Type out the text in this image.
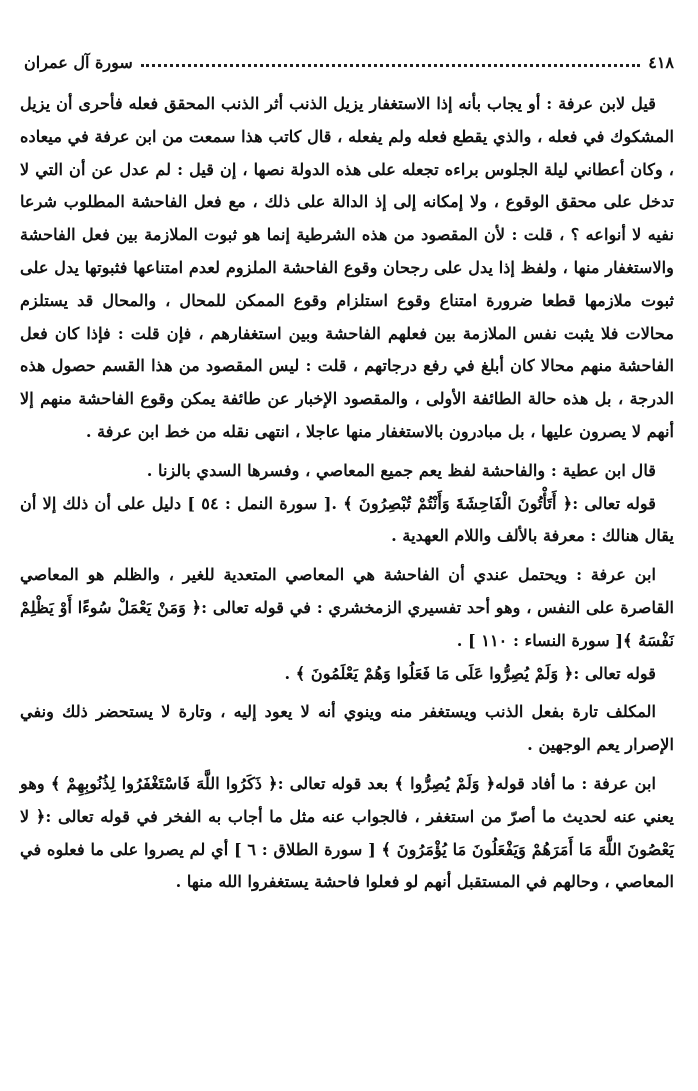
٤١٨
سورة آل عمران

قيل لابن عرفة : أو يجاب بأنه إذا الاستغفار يزيل الذنب أثر الذنب المحقق فعله فأحرى أن يزيل المشكوك في فعله ، والذي يقطع فعله ولم يفعله ، قال كاتب هذا سمعت من ابن عرفة في ميعاده ، وكان أعطاني ليلة الجلوس براءه تجعله على هذه الدولة نصها ، إن قيل : لم عدل عن أن التي لا تدخل على محقق الوقوع ، ولا إمكانه إلى إذ الدالة على ذلك ، مع فعل الفاحشة المطلوب شرعا نفيه لا أنواعه ؟ ، قلت : لأن المقصود من هذه الشرطية إنما هو ثبوت الملازمة بين فعل الفاحشة والاستغفار منها ، ولفظ إذا يدل على رجحان وقوع الفاحشة الملزوم لعدم امتناعها فثبوتها يدل على ثبوت ملازمها قطعا ضرورة امتناع وقوع استلزام وقوع الممكن للمحال ، والمحال قد يستلزم محالات فلا يثبت نفس الملازمة بين فعلهم الفاحشة وبين استغفارهم ، فإن قلت : فإذا كان فعل الفاحشة منهم محالا كان أبلغ في رفع درجاتهم ، قلت : ليس المقصود من هذا القسم حصول هذه الدرجة ، بل هذه حالة الطائفة الأولى ، والمقصود الإخبار عن طائفة يمكن وقوع الفاحشة منهم إلا أنهم لا يصرون عليها ، بل مبادرون بالاستغفار منها عاجلا ، انتهى نقله من خط ابن عرفة .

قال ابن عطية : والفاحشة لفظ يعم جميع المعاصي ، وفسرها السدي بالزنا .

قوله تعالى :﴿ أَتَأْتُونَ الْفَاحِشَةَ وَأَنْتُمْ تُبْصِرُونَ ﴾ .[ سورة النمل : ٥٤ ] دليل على أن ذلك إلا أن يقال هنالك : معرفة بالألف واللام العهدية .

ابن عرفة : ويحتمل عندي أن الفاحشة هي المعاصي المتعدية للغير ، والظلم هو المعاصي القاصرة على النفس ، وهو أحد تفسيري الزمخشري : في قوله تعالى :﴿ وَمَنْ يَعْمَلْ سُوءًا أَوْ يَظْلِمْ نَفْسَهُ ﴾[ سورة النساء : ١١٠ ] .

قوله تعالى :﴿ وَلَمْ يُصِرُّوا عَلَى مَا فَعَلُوا وَهُمْ يَعْلَمُونَ ﴾ .

المكلف تارة بفعل الذنب ويستغفر منه وينوي أنه لا يعود إليه ، وتارة لا يستحضر ذلك ونفي الإصرار يعم الوجهين .

ابن عرفة : ما أفاد قوله﴿ وَلَمْ يُصِرُّوا ﴾ بعد قوله تعالى :﴿ ذَكَرُوا اللَّهَ فَاسْتَغْفَرُوا لِذُنُوبِهِمْ ﴾ وهو يعني عنه لحديث ما أصرّ من استغفر ، فالجواب عنه مثل ما أجاب به الفخر في قوله تعالى :﴿ لا يَعْصُونَ اللَّهَ مَا أَمَرَهُمْ وَيَفْعَلُونَ مَا يُؤْمَرُونَ ﴾ [ سورة الطلاق : ٦ ] أي لم يصروا على ما فعلوه في المعاصي ، وحالهم في المستقبل أنهم لو فعلوا فاحشة يستغفروا الله منها .
